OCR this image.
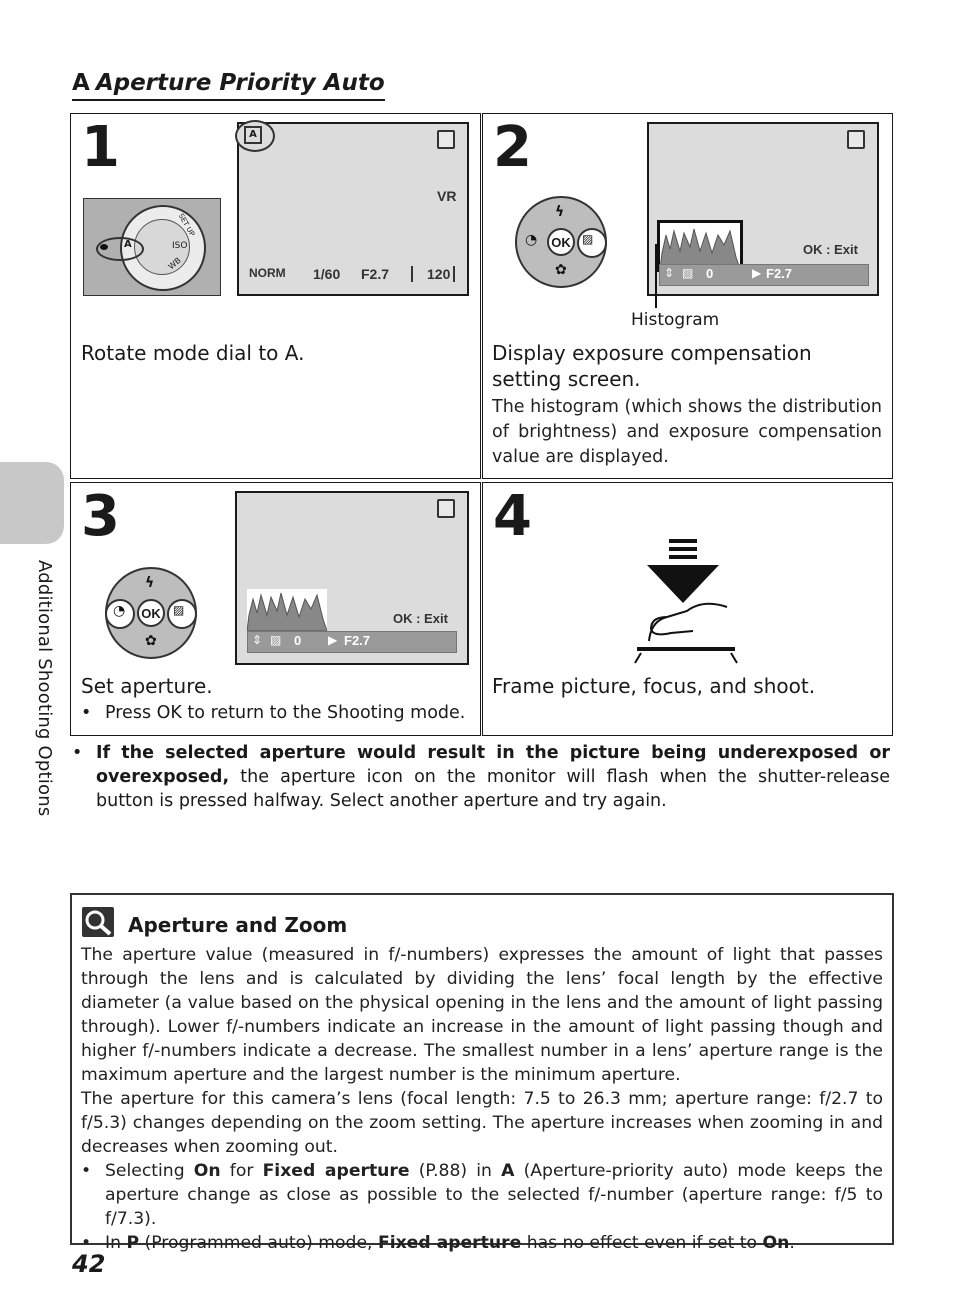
A Aperture Priority Auto
Additional Shooting Options
1
A	ISO
WB
SET UP
A
VR
NORM 1/60 F2.7	120
Rotate mode dial to A.
2
OK
ϟ
◔
✿
▨
OK : Exit
⇕ ▨ 0	▶ F2.7
Histogram
Display exposure compensation setting screen.
The histogram (which shows the distribution of brightness) and exposure compensation value are displayed.
3
OK
ϟ
◔
✿
▨
OK : Exit
⇕ ▨ 0 ▶ F2.7
Set aperture.
• Press OK to return to the Shooting mode.
4
Frame picture, focus, and shoot.
• If the selected aperture would result in the picture being underexposed or overexposed, the aperture icon on the monitor will flash when the shutter-release button is pressed halfway. Select another aperture and try again.
Aperture and Zoom

The aperture value (measured in f/-numbers) expresses the amount of light that passes through the lens and is calculated by dividing the lens’ focal length by the effective diameter (a value based on the physical opening in the lens and the amount of light passing through). Lower f/-numbers indicate an increase in the amount of light passing though and higher f/-numbers indicate a decrease. The smallest number in a lens’ aperture range is the maximum aperture and the largest number is the minimum aperture.

The aperture for this camera’s lens (focal length: 7.5 to 26.3 mm; aperture range: f/2.7 to f/5.3) changes depending on the zoom setting. The aperture increases when zooming in and decreases when zooming out.

• Selecting On for Fixed aperture (P.88) in A (Aperture-priority auto) mode keeps the aperture change as close as possible to the selected f/-number (aperture range: f/5 to f/7.3).
• In P (Programmed auto) mode, Fixed aperture has no effect even if set to On.
42
